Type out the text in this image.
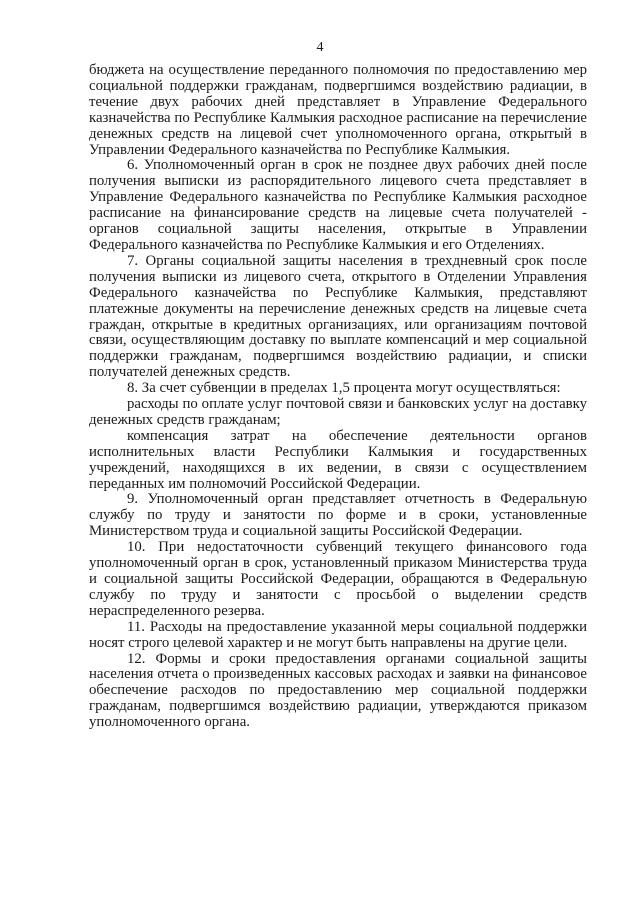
4

бюджета на осуществление переданного полномочия по предоставлению мер социальной поддержки гражданам, подвергшимся воздействию радиации, в течение двух рабочих дней представляет в Управление Федерального казначейства по Республике Калмыкия расходное расписание на перечисление денежных средств на лицевой счет уполномоченного органа, открытый в Управлении Федерального казначейства по Республике Калмыкия.

6. Уполномоченный орган в срок не позднее двух рабочих дней после получения выписки из распорядительного лицевого счета представляет в Управление Федерального казначейства по Республике Калмыкия расходное расписание на финансирование средств на лицевые счета получателей - органов социальной защиты населения, открытые в Управлении Федерального казначейства по Республике Калмыкия и его Отделениях.

7. Органы социальной защиты населения в трехдневный срок после получения выписки из лицевого счета, открытого в Отделении Управления Федерального казначейства по Республике Калмыкия, представляют платежные документы на перечисление денежных средств на лицевые счета граждан, открытые в кредитных организациях, или организациям почтовой связи, осуществляющим доставку по выплате компенсаций и мер социальной поддержки гражданам, подвергшимся воздействию радиации, и списки получателей денежных средств.

8. За счет субвенции в пределах 1,5 процента могут осуществляться:

расходы по оплате услуг почтовой связи и банковских услуг на доставку денежных средств гражданам;

компенсация затрат на обеспечение деятельности органов исполнительных власти Республики Калмыкия и государственных учреждений, находящихся в их ведении, в связи с осуществлением переданных им полномочий Российской Федерации.

9. Уполномоченный орган представляет отчетность в Федеральную службу по труду и занятости по форме и в сроки, установленные Министерством труда и социальной защиты Российской Федерации.

10. При недостаточности субвенций текущего финансового года уполномоченный орган в срок, установленный приказом Министерства труда и социальной защиты Российской Федерации, обращаются в Федеральную службу по труду и занятости с просьбой о выделении средств нераспределенного резерва.

11. Расходы на предоставление указанной меры социальной поддержки носят строго целевой характер и не могут быть направлены на другие цели.

12. Формы и сроки предоставления органами социальной защиты населения отчета о произведенных кассовых расходах и заявки на финансовое обеспечение расходов по предоставлению мер социальной поддержки гражданам, подвергшимся воздействию радиации, утверждаются приказом уполномоченного органа.
